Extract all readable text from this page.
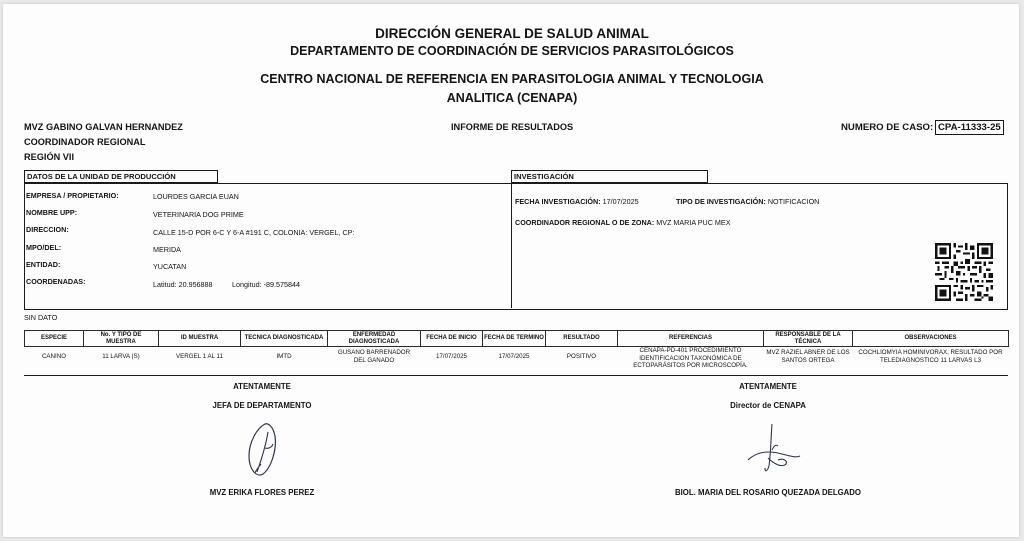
DIRECCIÓN GENERAL DE SALUD ANIMAL
DEPARTAMENTO DE COORDINACIÓN DE SERVICIOS PARASITOLÓGICOS
CENTRO NACIONAL DE REFERENCIA EN PARASITOLOGIA ANIMAL Y TECNOLOGIA
ANALITICA (CENAPA)
MVZ GABINO GALVAN HERNANDEZ
COORDINADOR REGIONAL
REGIÓN VII
INFORME DE RESULTADOS	NUMERO DE CASO: CPA-11333-25
DATOS DE LA UNIDAD DE PRODUCCIÓN	INVESTIGACIÓN
EMPRESA / PROPIETARIO:	LOURDES GARCIA EUAN
NOMBRE UPP:	VETERINARIA DOG PRIME
DIRECCION:	CALLE 15-D POR 6-C Y 6-A #191 C, COLONIA: VERGEL, CP:
MPO/DEL:	MERIDA
ENTIDAD:	YUCATAN
COORDENADAS:	Latitud: 20.956888	Longitud: -89.575844
FECHA INVESTIGACIÓN: 17/07/2025	TIPO DE INVESTIGACIÓN: NOTIFICACION
COORDINADOR REGIONAL O DE ZONA: MVZ MARIA PUC MEX
SIN DATO
ESPECIE	No. Y TIPO DE MUESTRA	ID MUESTRA	TECNICA DIAGNOSTICADA	ENFERMEDAD DIAGNOSTICADA	FECHA DE INICIO	FECHA DE TERMINO	RESULTADO	REFERENCIAS	RESPONSABLE DE LA TÉCNICA	OBSERVACIONES
CANINO	11 LARVA (S)	VERGEL 1 AL 11	IMTD	GUSANO BARRENADOR DEL GANADO	17/07/2025	17/07/2025	POSITIVO	CENAPA-PD-401 PROCEDIMIENTO IDENTIFICACION TAXONÓMICA DE ECTOPARÁSITOS POR MICROSCOPÍA.	MVZ RAZIEL ABNER DE LOS SANTOS ORTEGA	COCHLIOMYIA HOMINIVORAX, RESULTADO POR TELEDIAGNOSTICO 11 LARVAS L3
ATENTAMENTE
JEFA DE DEPARTAMENTO
MVZ ERIKA FLORES PEREZ
ATENTAMENTE
Director de CENAPA
BIOL. MARIA DEL ROSARIO QUEZADA DELGADO
